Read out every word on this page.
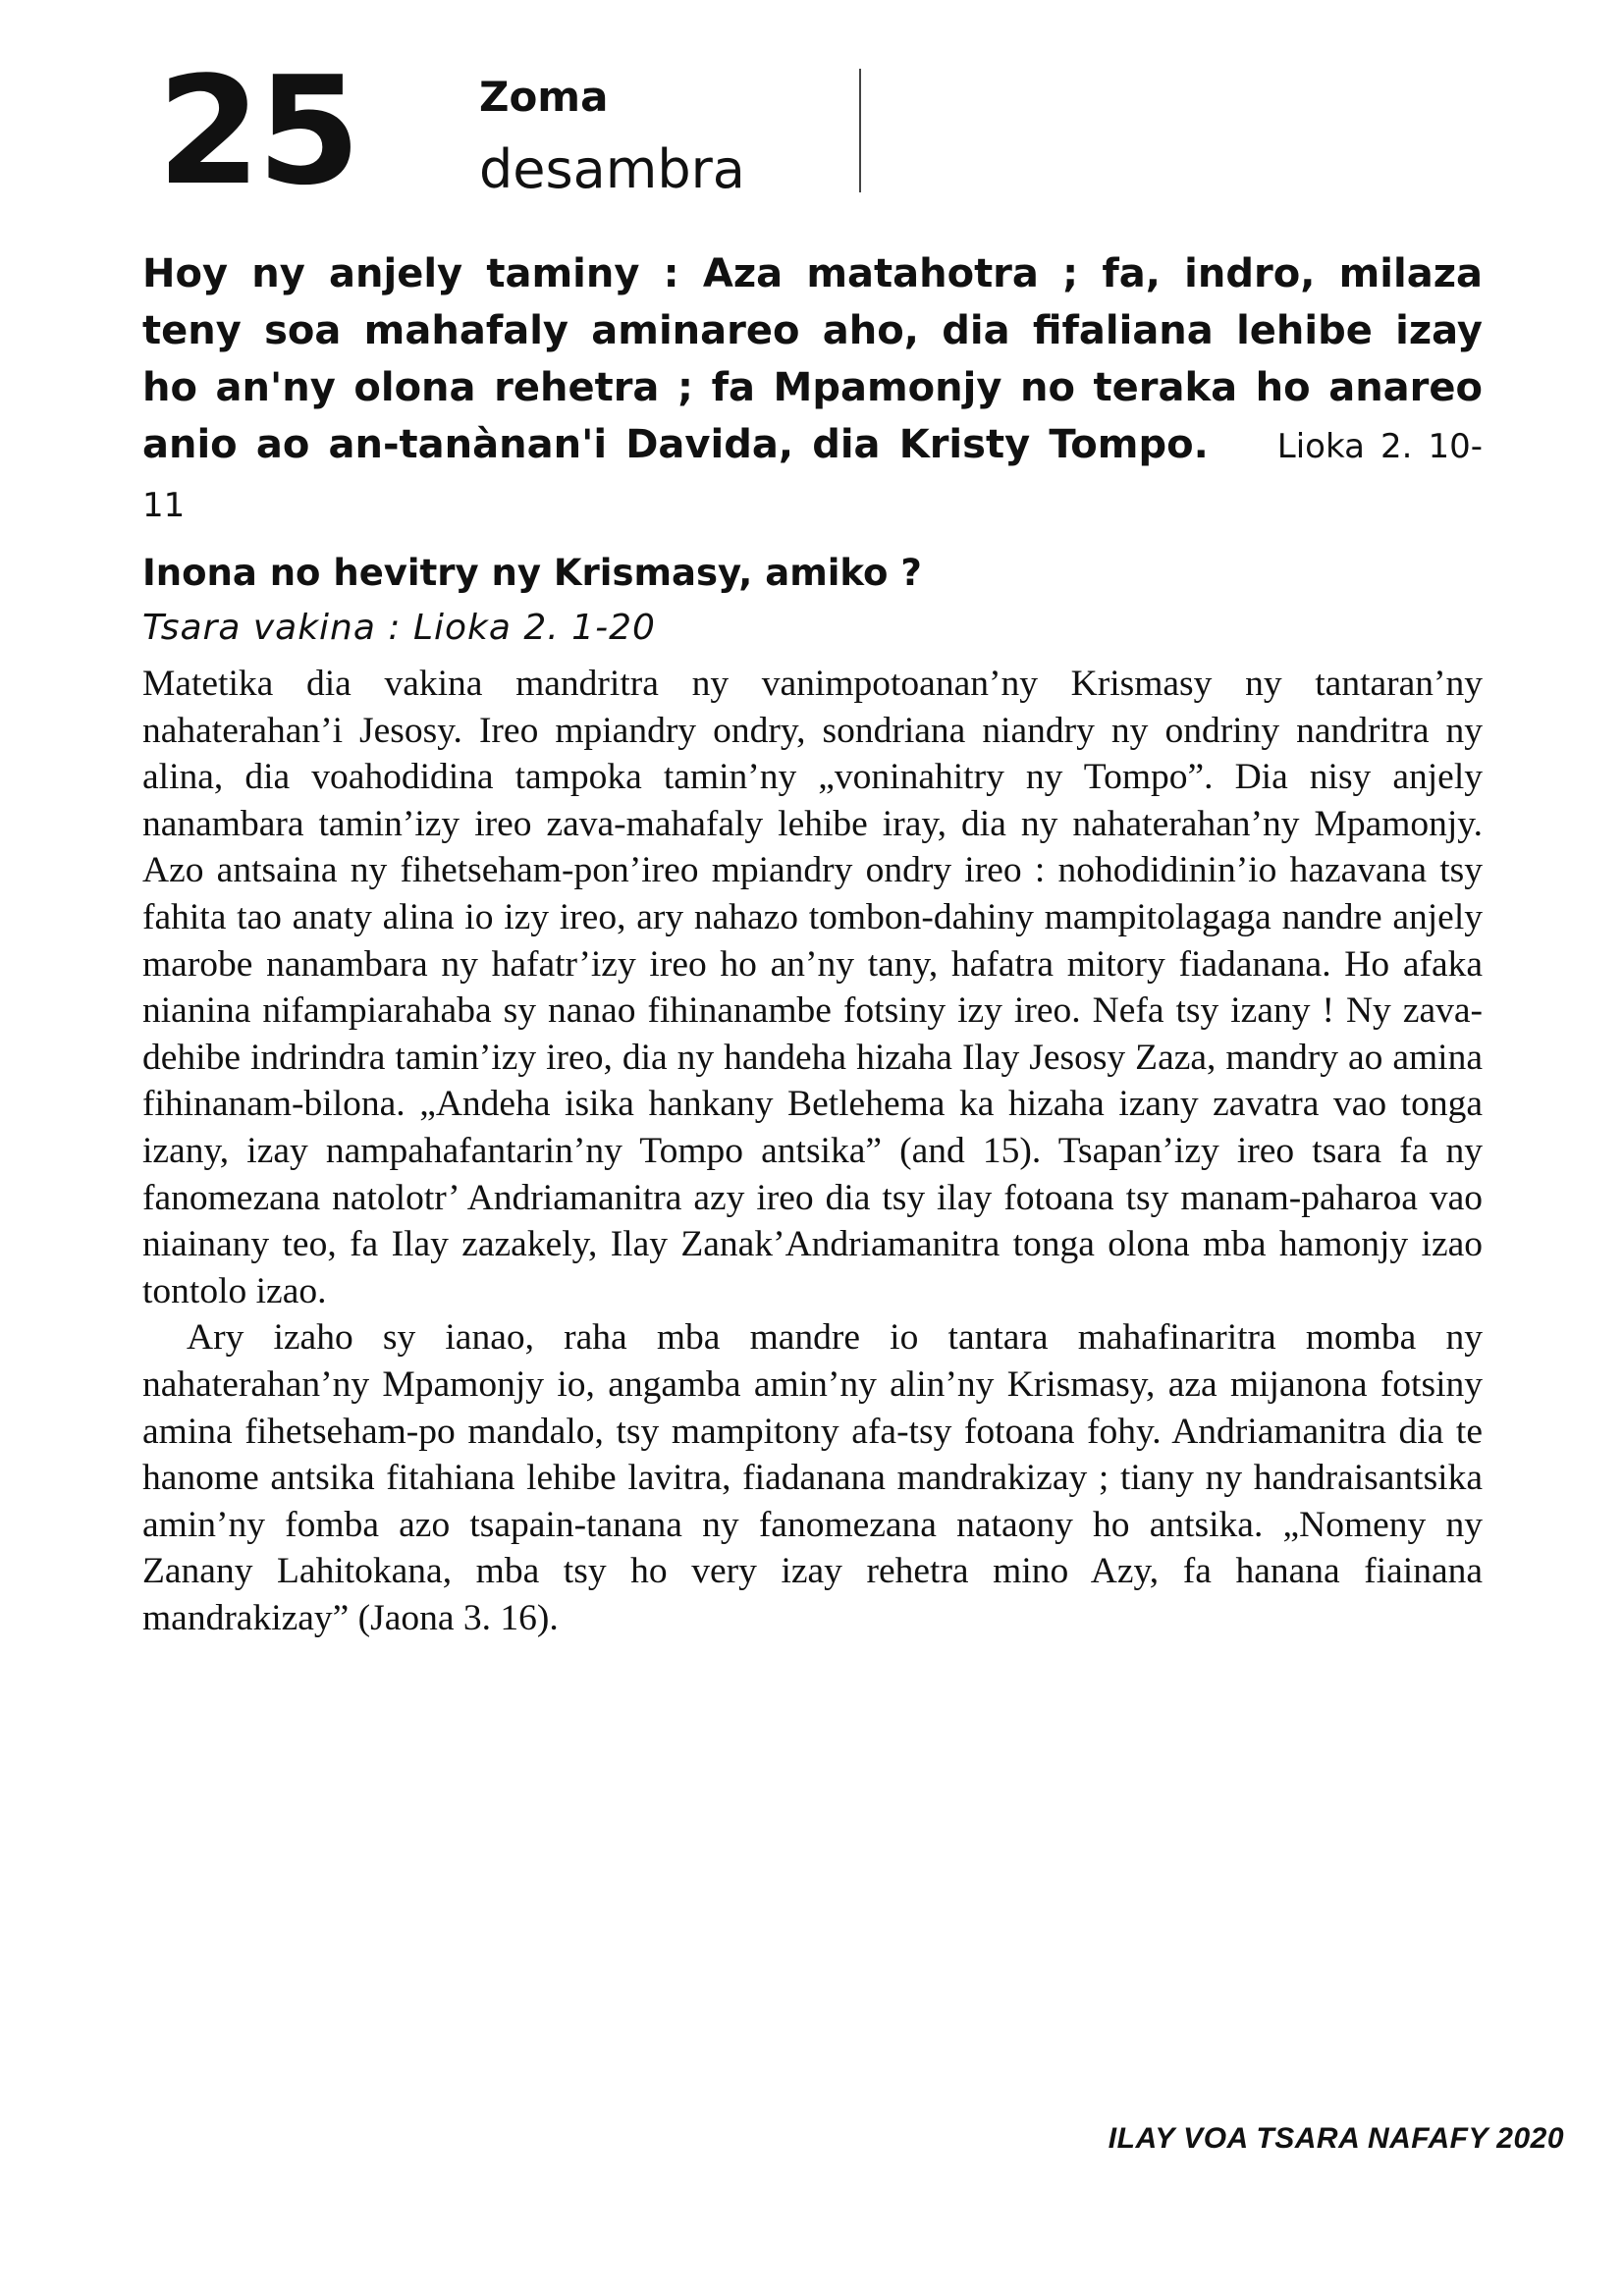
25	Zoma
desambra
Hoy ny anjely taminy : Aza matahotra ; fa, indro, milaza teny soa mahafaly aminareo aho, dia fifaliana lehibe izay ho an'ny olona rehetra ; fa Mpamonjy no teraka ho anareo anio ao an-tanànan'i Davida, dia Kristy Tompo. Lioka 2. 10-11
Inona no hevitry ny Krismasy, amiko ?
Tsara vakina : Lioka 2. 1-20

Matetika dia vakina mandritra ny vanimpotoanan’ny Krismasy ny tantaran’ny nahaterahan’i Jesosy. Ireo mpiandry ondry, sondriana niandry ny ondriny nandritra ny alina, dia voahodidina tampoka tamin’ny „voninahitry ny Tompo”. Dia nisy anjely nanambara tamin’izy ireo zava-mahafaly lehibe iray, dia ny nahaterahan’ny Mpamonjy. Azo antsaina ny fihetseham-pon’ireo mpiandry ondry ireo : nohodidinin’io hazavana tsy fahita tao anaty alina io izy ireo, ary nahazo tombon-dahiny mampitolagaga nandre anjely marobe nanambara ny hafatr’izy ireo ho an’ny tany, hafatra mitory fiadanana. Ho afaka nianina nifampiarahaba sy nanao fihinanambe fotsiny izy ireo. Nefa tsy izany ! Ny zava-dehibe indrindra tamin’izy ireo, dia ny handeha hizaha Ilay Jesosy Zaza, mandry ao amina fihinanam-bilona. „Andeha isika hankany Betlehema ka hizaha izany zavatra vao tonga izany, izay nampahafantarin’ny Tompo antsika” (and 15). Tsapan’izy ireo tsara fa ny fanomezana natolotr’ Andriamanitra azy ireo dia tsy ilay fotoana tsy manam-paharoa vao niainany teo, fa Ilay zazakely, Ilay Zanak’Andriamanitra tonga olona mba hamonjy izao tontolo izao.

Ary izaho sy ianao, raha mba mandre io tantara mahafinaritra momba ny nahaterahan’ny Mpamonjy io, angamba amin’ny alin’ny Krismasy, aza mijanona fotsiny amina fihetseham-po mandalo, tsy mampitony afa-tsy fotoana fohy. Andriamanitra dia te hanome antsika fitahiana lehibe lavitra, fiadanana mandrakizay ; tiany ny handraisantsika amin’ny fomba azo tsapain-tanana ny fanomezana nataony ho antsika. „Nomeny ny Zanany Lahitokana, mba tsy ho very izay rehetra mino Azy, fa hanana fiainana mandrakizay” (Jaona 3. 16).

ILAY VOA TSARA NAFAFY 2020
